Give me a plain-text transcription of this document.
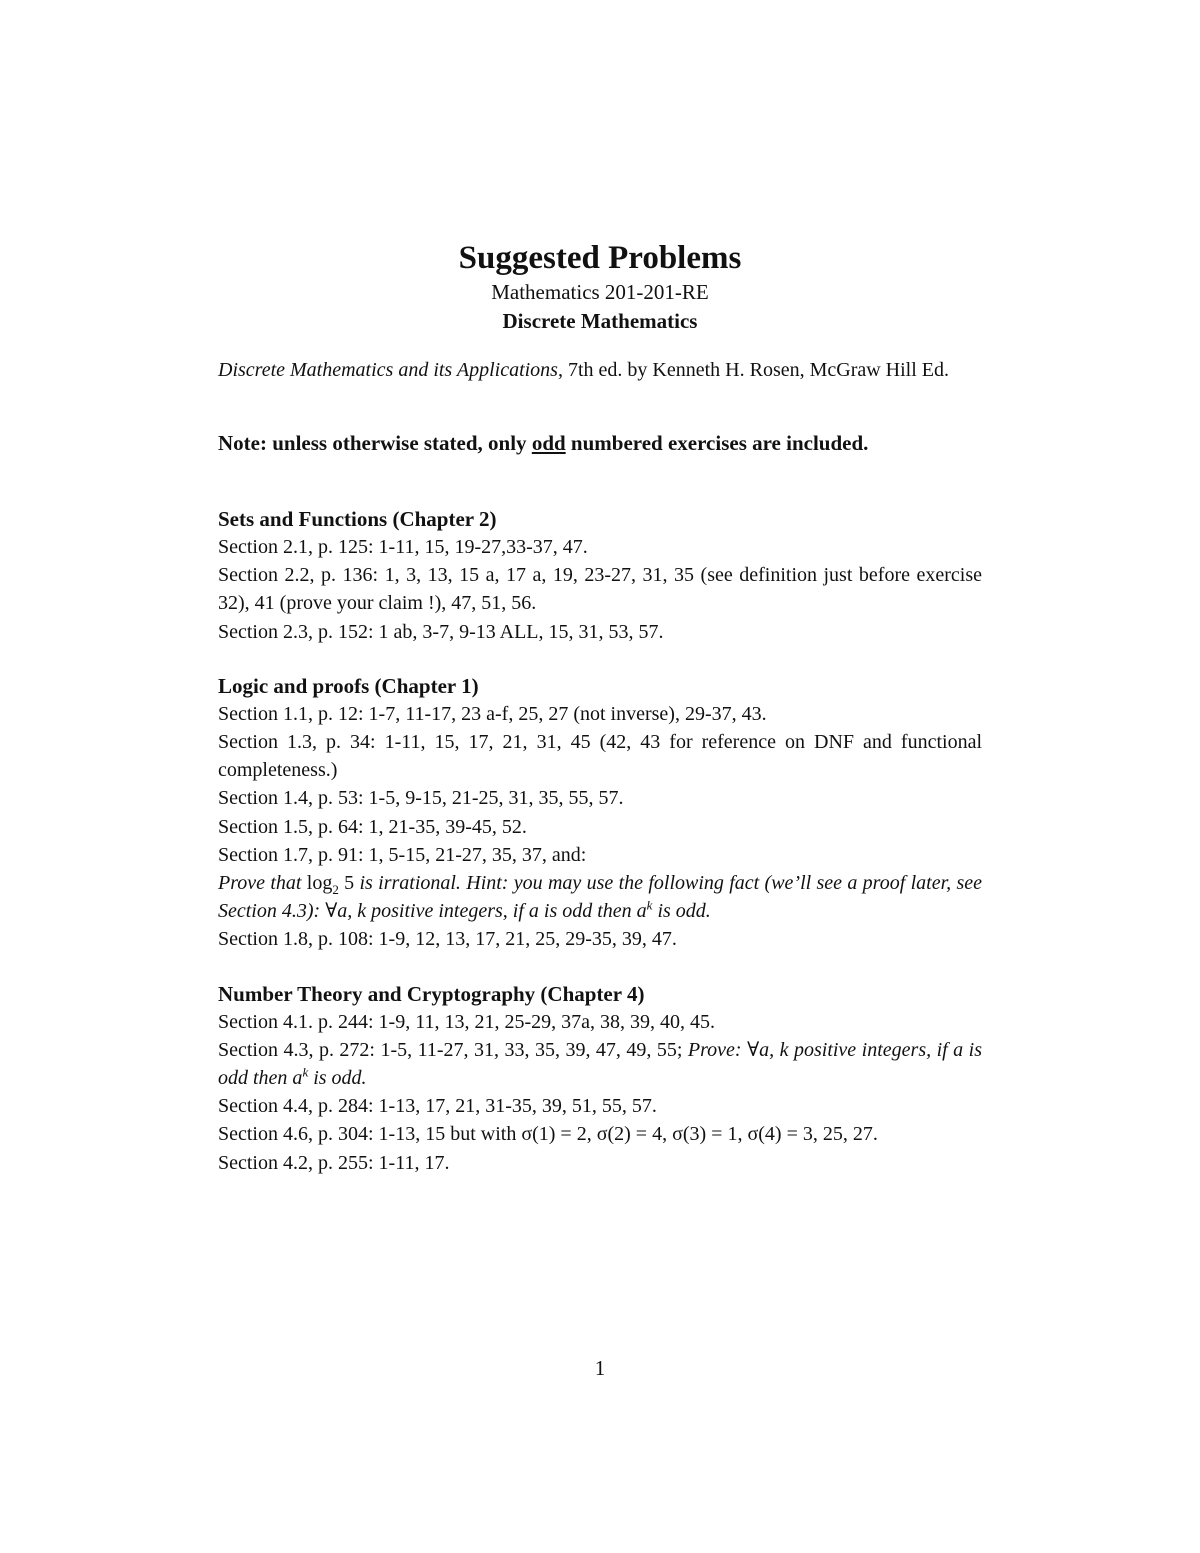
Suggested Problems
Mathematics 201-201-RE
Discrete Mathematics
Discrete Mathematics and its Applications, 7th ed. by Kenneth H. Rosen, McGraw Hill Ed.
Note: unless otherwise stated, only odd numbered exercises are included.
Sets and Functions (Chapter 2)
Section 2.1, p. 125: 1-11, 15, 19-27,33-37, 47.
Section 2.2, p. 136: 1, 3, 13, 15 a, 17 a, 19, 23-27, 31, 35 (see definition just before exercise 32), 41 (prove your claim !), 47, 51, 56.
Section 2.3, p. 152: 1 ab, 3-7, 9-13 ALL, 15, 31, 53, 57.
Logic and proofs (Chapter 1)
Section 1.1, p. 12: 1-7, 11-17, 23 a-f, 25, 27 (not inverse), 29-37, 43.
Section 1.3, p. 34: 1-11, 15, 17, 21, 31, 45 (42, 43 for reference on DNF and functional completeness.)
Section 1.4, p. 53: 1-5, 9-15, 21-25, 31, 35, 55, 57.
Section 1.5, p. 64: 1, 21-35, 39-45, 52.
Section 1.7, p. 91: 1, 5-15, 21-27, 35, 37, and:
Prove that $\log_2 5$ is irrational. Hint: you may use the following fact (we’ll see a proof later, see Section 4.3): ∀a, k positive integers, if a is odd then $a^k$ is odd.
Section 1.8, p. 108: 1-9, 12, 13, 17, 21, 25, 29-35, 39, 47.
Number Theory and Cryptography (Chapter 4)
Section 4.1. p. 244: 1-9, 11, 13, 21, 25-29, 37a, 38, 39, 40, 45.
Section 4.3, p. 272: 1-5, 11-27, 31, 33, 35, 39, 47, 49, 55; Prove: ∀a, k positive integers, if a is odd then $a^k$ is odd.
Section 4.4, p. 284: 1-13, 17, 21, 31-35, 39, 51, 55, 57.
Section 4.6, p. 304: 1-13, 15 but with σ(1) = 2, σ(2) = 4, σ(3) = 1, σ(4) = 3, 25, 27.
Section 4.2, p. 255: 1-11, 17.
1
